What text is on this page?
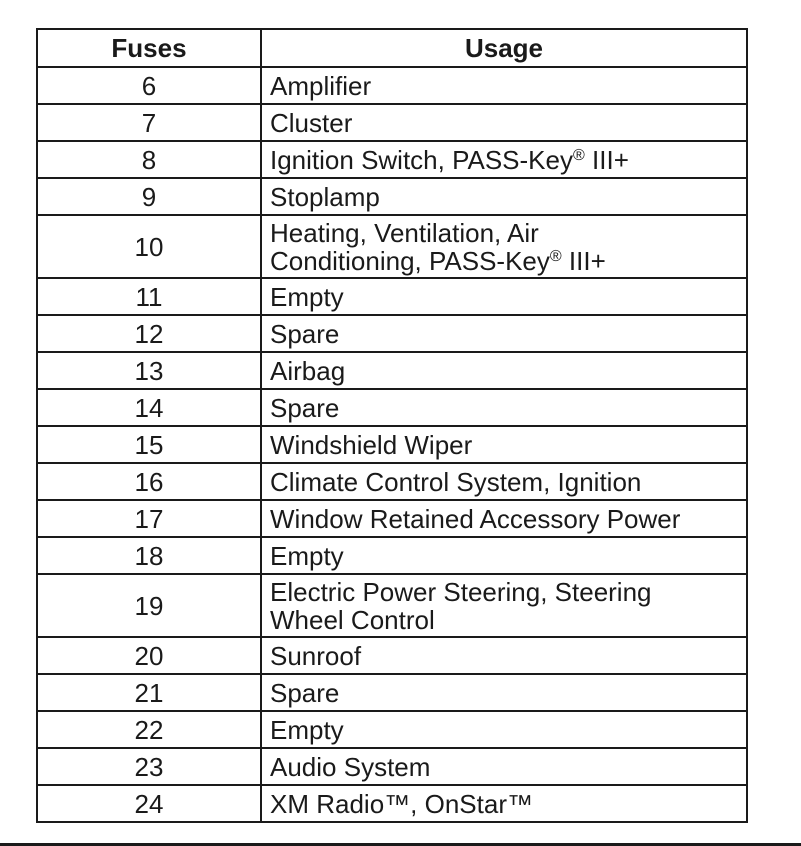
Fuses	Usage
6	Amplifier
7	Cluster
8	Ignition Switch, PASS-Key® III+
9	Stoplamp
10	Heating, Ventilation, Air
Conditioning, PASS-Key® III+
11	Empty
12	Spare
13	Airbag
14	Spare
15	Windshield Wiper
16	Climate Control System, Ignition
17	Window Retained Accessory Power
18	Empty
19	Electric Power Steering, Steering
Wheel Control
20	Sunroof
21	Spare
22	Empty
23	Audio System
24	XM Radio™, OnStar™
